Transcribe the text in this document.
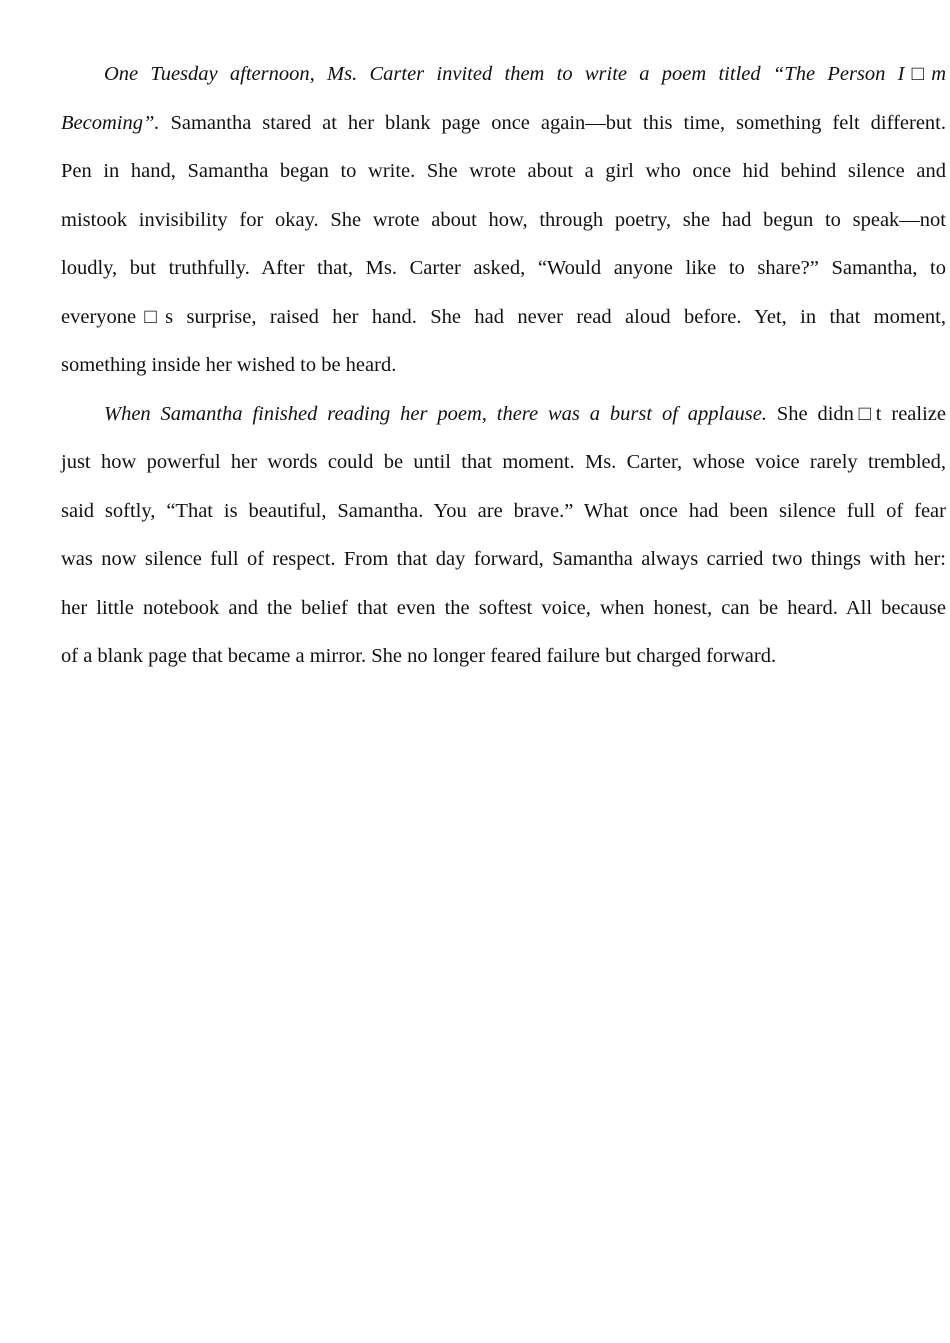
One Tuesday afternoon, Ms. Carter invited them to write a poem titled “The Person I□m
Becoming”. Samantha stared at her blank page once again—but this time, something felt different.
Pen in hand, Samantha began to write. She wrote about a girl who once hid behind silence and
mistook invisibility for okay. She wrote about how, through poetry, she had begun to speak—not
loudly, but truthfully. After that, Ms. Carter asked, “Would anyone like to share?” Samantha, to
everyone□s surprise, raised her hand. She had never read aloud before. Yet, in that moment,
something inside her wished to be heard.
When Samantha finished reading her poem, there was a burst of applause. She didn□t realize
just how powerful her words could be until that moment. Ms. Carter, whose voice rarely trembled,
said softly, “That is beautiful, Samantha. You are brave.” What once had been silence full of fear
was now silence full of respect. From that day forward, Samantha always carried two things with her:
her little notebook and the belief that even the softest voice, when honest, can be heard. All because
of a blank page that became a mirror. She no longer feared failure but charged forward.
